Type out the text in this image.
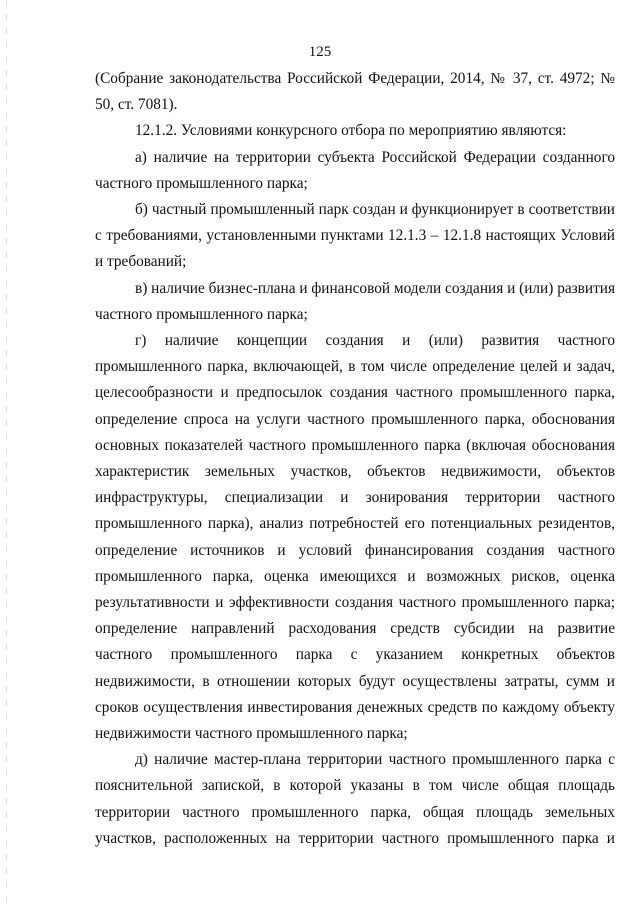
125

(Собрание законодательства Российской Федерации, 2014, № 37, ст. 4972; № 50, ст. 7081).

12.1.2. Условиями конкурсного отбора по мероприятию являются:

а) наличие на территории субъекта Российской Федерации созданного частного промышленного парка;

б) частный промышленный парк создан и функционирует в соответствии с требованиями, установленными пунктами 12.1.3 – 12.1.8 настоящих Условий и требований;

в) наличие бизнес-плана и финансовой модели создания и (или) развития частного промышленного парка;

г) наличие концепции создания и (или) развития частного промышленного парка, включающей, в том числе определение целей и задач, целесообразности и предпосылок создания частного промышленного парка, определение спроса на услуги частного промышленного парка, обоснования основных показателей частного промышленного парка (включая обоснования характеристик земельных участков, объектов недвижимости, объектов инфраструктуры, специализации и зонирования территории частного промышленного парка), анализ потребностей его потенциальных резидентов, определение источников и условий финансирования создания частного промышленного парка, оценка имеющихся и возможных рисков, оценка результативности и эффективности создания частного промышленного парка; определение направлений расходования средств субсидии на развитие частного промышленного парка с указанием конкретных объектов недвижимости, в отношении которых будут осуществлены затраты, сумм и сроков осуществления инвестирования денежных средств по каждому объекту недвижимости частного промышленного парка;

д) наличие мастер-плана территории частного промышленного парка с пояснительной запиской, в которой указаны в том числе общая площадь территории частного промышленного парка, общая площадь земельных участков, расположенных на территории частного промышленного парка и
